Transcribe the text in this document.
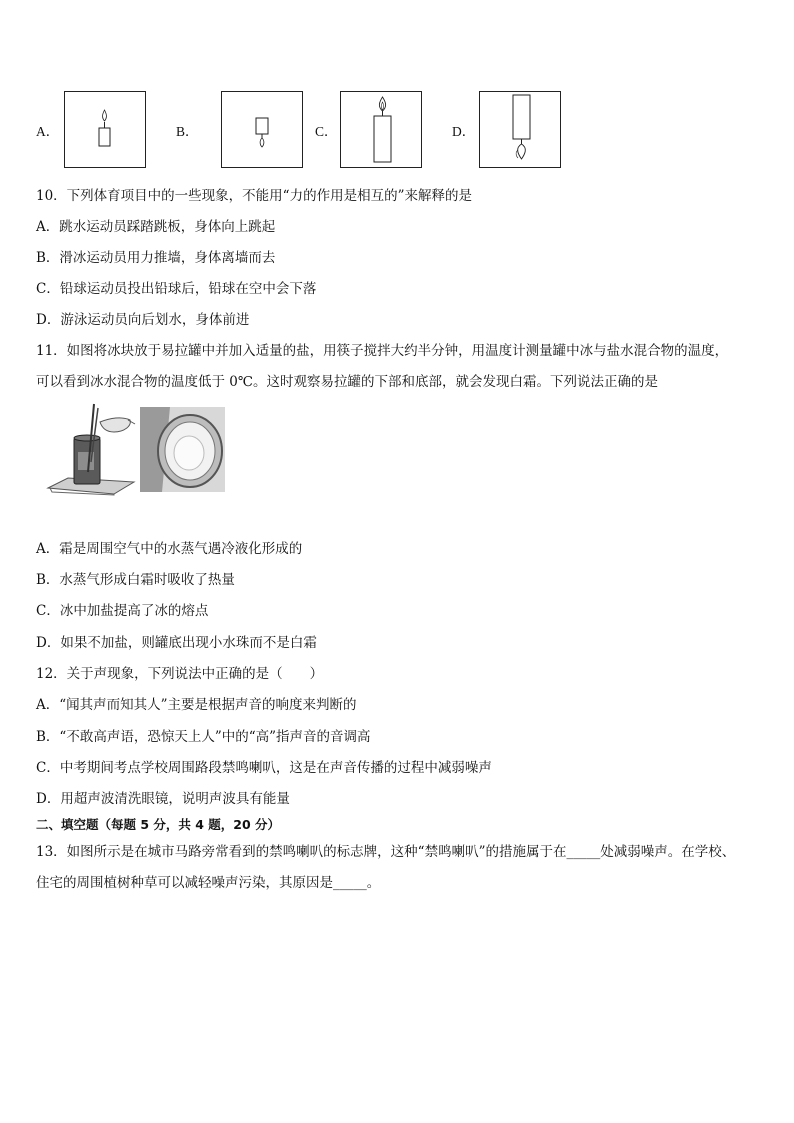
A．	B．	C．	D．
10．下列体育项目中的一些现象，不能用“力的作用是相互的”来解释的是
A．跳水运动员踩踏跳板，身体向上跳起
B．滑冰运动员用力推墙，身体离墙而去
C．铅球运动员投出铅球后，铅球在空中会下落
D．游泳运动员向后划水，身体前进
11．如图将冰块放于易拉罐中并加入适量的盐，用筷子搅拌大约半分钟，用温度计测量罐中冰与盐水混合物的温度，
可以看到冰水混合物的温度低于 0℃。这时观察易拉罐的下部和底部，就会发现白霜。下列说法正确的是
A．霜是周围空气中的水蒸气遇冷液化形成的
B．水蒸气形成白霜时吸收了热量
C．冰中加盐提高了冰的熔点
D．如果不加盐，则罐底出现小水珠而不是白霜
12．关于声现象，下列说法中正确的是（　　）
A．“闻其声而知其人”主要是根据声音的响度来判断的
B．“不敢高声语，恐惊天上人”中的“高”指声音的音调高
C．中考期间考点学校周围路段禁鸣喇叭，这是在声音传播的过程中减弱噪声
D．用超声波清洗眼镜，说明声波具有能量
二、填空题（每题 5 分，共 4 题，20 分）
13．如图所示是在城市马路旁常看到的禁鸣喇叭的标志牌，这种“禁鸣喇叭”的措施属于在_____处减弱噪声。在学校、
住宅的周围植树种草可以减轻噪声污染，其原因是_____。
